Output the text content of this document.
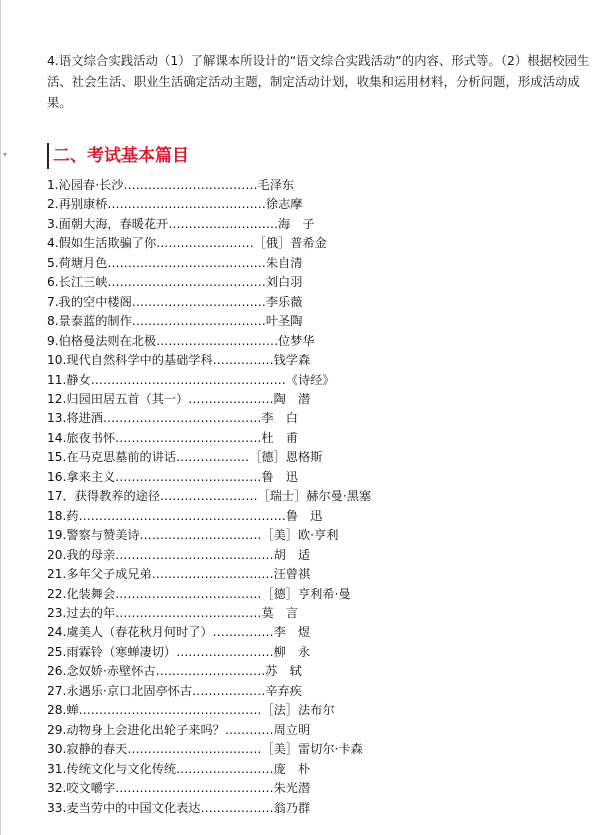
4.语文综合实践活动（1）了解课本所设计的“语文综合实践活动”的内容、形式等。（2）根据校园生活、社会生活、职业生活确定活动主题，制定活动计划，收集和运用材料，分析问题，形成活动成果。

▾	二、考试基本篇目
1.沁园春·长沙……………………………毛泽东
2.再别康桥…………………………………徐志摩
3.面朝大海，春暖花开………………………海　子
4.假如生活欺骗了你……………………［俄］普希金
5.荷塘月色…………………………………朱自清
6.长江三峡…………………………………刘白羽
7.我的空中楼阁……………………………李乐薇
8.景泰蓝的制作……………………………叶圣陶
9.伯格曼法则在北极…………………………位梦华
10.现代自然科学中的基础学科……………钱学森
11.静女…………………………………………《诗经》
12.归园田居五首（其一）…………………陶　潜
13.将进酒…………………………………李　白
14.旅夜书怀………………………………杜　甫
15.在马克思墓前的讲话………………［德］恩格斯
16.拿来主义………………………………鲁　迅
17．获得教养的途径……………………［瑞士］赫尔曼·黑塞
18.药……………………………………………鲁　迅
19.警察与赞美诗…………………………［美］欧·亨利
20.我的母亲…………………………………胡　适
21.多年父子成兄弟…………………………汪曾祺
22.化装舞会………………………………［德］亨利希·曼
23.过去的年………………………………莫　言
24.虞美人（春花秋月何时了）……………李　煜
25.雨霖铃（寒蝉凄切）……………………柳　永
26.念奴娇·赤壁怀古………………………苏　轼
27.永遇乐·京口北固亭怀古………………辛弃疾
28.蝉………………………………………［法］法布尔
29.动物身上会进化出轮子来吗？…………周立明
30.寂静的春天……………………………［美］雷切尔·卡森
31.传统文化与文化传统……………………庞　朴
32.咬文嚼字…………………………………朱光潜
33.麦当劳中的中国文化表达………………翁乃群
